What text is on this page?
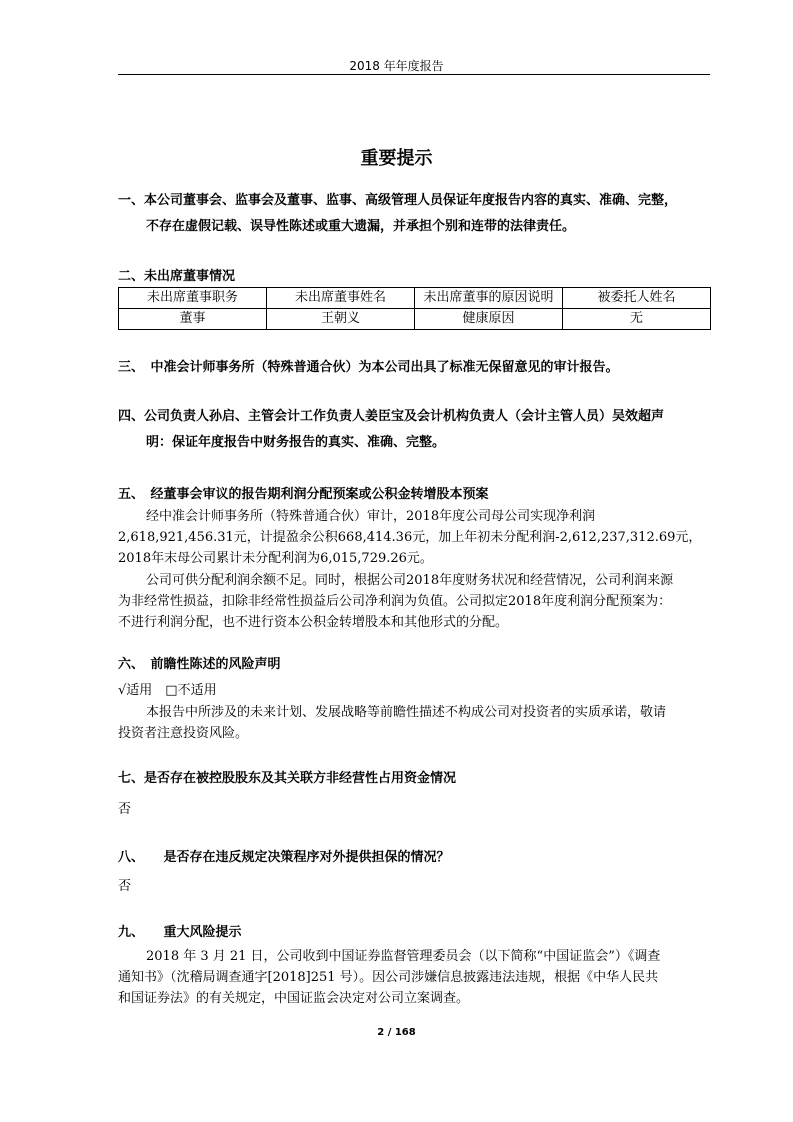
2018 年年度报告
重要提示
一、本公司董事会、监事会及董事、监事、高级管理人员保证年度报告内容的真实、准确、完整，
不存在虚假记载、误导性陈述或重大遗漏，并承担个别和连带的法律责任。
二、未出席董事情况
未出席董事职务	未出席董事姓名	未出席董事的原因说明	被委托人姓名
董事	王朝义	健康原因	无
三、　中准会计师事务所（特殊普通合伙）为本公司出具了标准无保留意见的审计报告。
四、公司负责人孙启、主管会计工作负责人姜臣宝及会计机构负责人（会计主管人员）吴效超声
明：保证年度报告中财务报告的真实、准确、完整。
五、　经董事会审议的报告期利润分配预案或公积金转增股本预案
经中准会计师事务所（特殊普通合伙）审计，2018年度公司母公司实现净利润
2,618,921,456.31元，计提盈余公积668,414.36元，加上年初未分配利润-2,612,237,312.69元，
2018年末母公司累计未分配利润为6,015,729.26元。
公司可供分配利润余额不足。同时，根据公司2018年度财务状况和经营情况，公司利润来源
为非经常性损益，扣除非经常性损益后公司净利润为负值。公司拟定2018年度利润分配预案为：
不进行利润分配，也不进行资本公积金转增股本和其他形式的分配。
六、　前瞻性陈述的风险声明
√适用　□不适用
本报告中所涉及的未来计划、发展战略等前瞻性描述不构成公司对投资者的实质承诺，敬请
投资者注意投资风险。
七、是否存在被控股股东及其关联方非经营性占用资金情况
否
八、　　是否存在违反规定决策程序对外提供担保的情况？
否
九、　　重大风险提示
2018 年 3 月 21 日，公司收到中国证券监督管理委员会（以下简称“中国证监会”）《调查
通知书》（沈稽局调查通字[2018]251 号）。因公司涉嫌信息披露违法违规，根据《中华人民共
和国证券法》的有关规定，中国证监会决定对公司立案调查。
2 / 168
